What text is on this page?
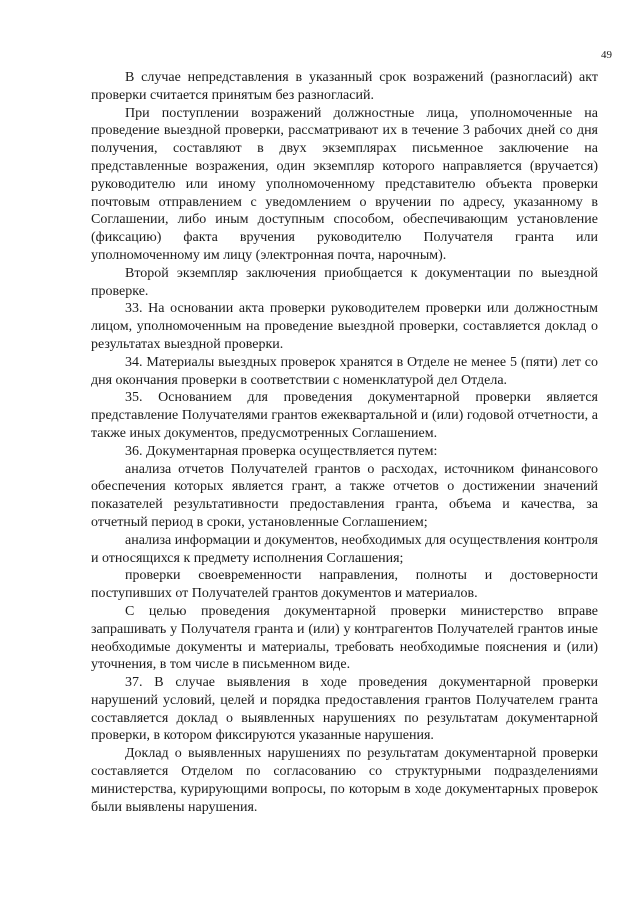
49

В случае непредставления в указанный срок возражений (разногласий) акт проверки считается принятым без разногласий.

При поступлении возражений должностные лица, уполномоченные на проведение выездной проверки, рассматривают их в течение 3 рабочих дней со дня получения, составляют в двух экземплярах письменное заключение на представленные возражения, один экземпляр которого направляется (вручается) руководителю или иному уполномоченному представителю объекта проверки почтовым отправлением с уведомлением о вручении по адресу, указанному в Соглашении, либо иным доступным способом, обеспечивающим установление (фиксацию) факта вручения руководителю Получателя гранта или уполномоченному им лицу (электронная почта, нарочным).

Второй экземпляр заключения приобщается к документации по выездной проверке.

33. На основании акта проверки руководителем проверки или должностным лицом, уполномоченным на проведение выездной проверки, составляется доклад о результатах выездной проверки.

34. Материалы выездных проверок хранятся в Отделе не менее 5 (пяти) лет со дня окончания проверки в соответствии с номенклатурой дел Отдела.

35. Основанием для проведения документарной проверки является представление Получателями грантов ежеквартальной и (или) годовой отчетности, а также иных документов, предусмотренных Соглашением.

36. Документарная проверка осуществляется путем:

анализа отчетов Получателей грантов о расходах, источником финансового обеспечения которых является грант, а также отчетов о достижении значений показателей результативности предоставления гранта, объема и качества, за отчетный период в сроки, установленные Соглашением;

анализа информации и документов, необходимых для осуществления контроля и относящихся к предмету исполнения Соглашения;

проверки своевременности направления, полноты и достоверности поступивших от Получателей грантов документов и материалов.

С целью проведения документарной проверки министерство вправе запрашивать у Получателя гранта и (или) у контрагентов Получателей грантов иные необходимые документы и материалы, требовать необходимые пояснения и (или) уточнения, в том числе в письменном виде.

37. В случае выявления в ходе проведения документарной проверки нарушений условий, целей и порядка предоставления грантов Получателем гранта составляется доклад о выявленных нарушениях по результатам документарной проверки, в котором фиксируются указанные нарушения.

Доклад о выявленных нарушениях по результатам документарной проверки составляется Отделом по согласованию со структурными подразделениями министерства, курирующими вопросы, по которым в ходе документарных проверок были выявлены нарушения.
